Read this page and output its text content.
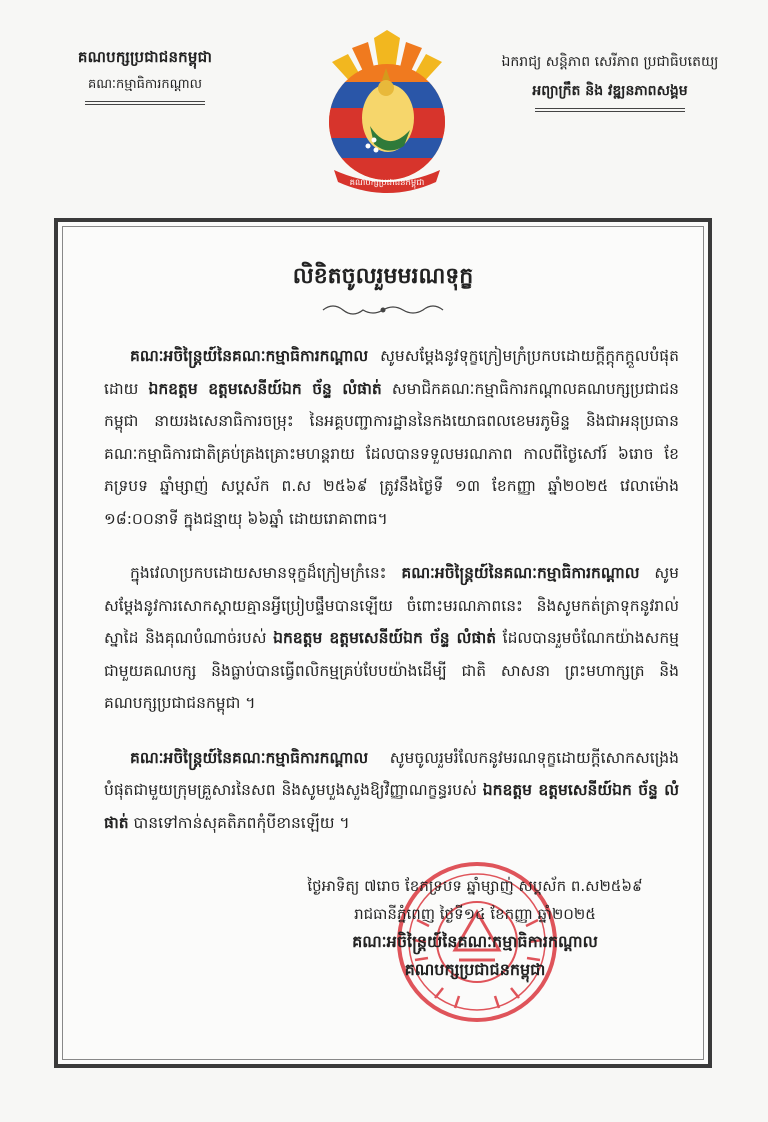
គណបក្សប្រជាជនកម្ពុជា
គណៈកម្មាធិការកណ្តាល
គណបក្សប្រជាជនកម្ពុជា
ឯករាជ្យ សន្តិភាព សេរីភាព ប្រជាធិបតេយ្យ
អព្យាក្រឹត និង វឌ្ឍនភាពសង្គម
លិខិតចូលរួមមរណទុក្ខ

គណៈអចិន្ត្រៃយ៍នៃគណៈកម្មាធិការកណ្តាល សូមសម្តែងនូវទុក្ខក្រៀមក្រំប្រកបដោយក្តីក្តុកក្តួលបំផុតដោយ ឯកឧត្តម ឧត្តមសេនីយ៍ឯក ច័ន្ទ លំផាត់ សមាជិកគណៈកម្មាធិការកណ្តាលគណបក្សប្រជាជនកម្ពុជា នាយរងសេនាធិការចម្រុះ នៃអគ្គបញ្ជាការដ្ឋាននៃកងយោធពលខេមរភូមិន្ទ និងជាអនុប្រធានគណៈកម្មាធិការជាតិគ្រប់គ្រងគ្រោះមហន្តរាយ ដែលបានទទួលមរណភាព កាលពីថ្ងៃសៅរ៍ ៦រោច ខែភទ្របទ ឆ្នាំម្សាញ់ សប្តស័ក ព.ស ២៥៦៩ ត្រូវនឹងថ្ងៃទី ១៣ ខែកញ្ញា ឆ្នាំ២០២៥ វេលាម៉ោង ១៨:០០នាទី ក្នុងជន្មាយុ ៦៦ឆ្នាំ ដោយរោគាពាធ។

ក្នុងវេលាប្រកបដោយសមានទុក្ខដ៏ក្រៀមក្រំនេះ គណៈអចិន្ត្រៃយ៍នៃគណៈកម្មាធិការកណ្តាល សូមសម្តែងនូវការសោកស្តាយគ្មានអ្វីប្រៀបផ្ទឹមបានឡើយ ចំពោះមរណភាពនេះ និងសូមកត់ត្រាទុកនូវរាល់ស្នាដៃ និងគុណបំណាច់របស់ ឯកឧត្តម ឧត្តមសេនីយ៍ឯក ច័ន្ទ លំផាត់ ដែលបានរួមចំណែកយ៉ាងសកម្មជាមួយគណបក្ស និងធ្លាប់បានធ្វើពលិកម្មគ្រប់បែបយ៉ាងដើម្បី ជាតិ សាសនា ព្រះមហាក្សត្រ និងគណបក្សប្រជាជនកម្ពុជា ។

គណៈអចិន្ត្រៃយ៍នៃគណៈកម្មាធិការកណ្តាល សូមចូលរួមរំលែកនូវមរណទុក្ខដោយក្តីសោកសង្រេងបំផុតជាមួយក្រុមគ្រួសារនៃសព និងសូមបួងសួងឱ្យវិញ្ញាណក្ខន្ធរបស់ ឯកឧត្តម ឧត្តមសេនីយ៍ឯក ច័ន្ទ លំផាត់ បានទៅកាន់សុគតិភពកុំបីខានឡើយ ។

ថ្ងៃអាទិត្យ ៧រោច ខែភទ្របទ ឆ្នាំម្សាញ់ សប្តស័ក ព.ស២៥៦៩
រាជធានីភ្នំពេញ ថ្ងៃទី១៤ ខែកញ្ញា ឆ្នាំ២០២៥
គណៈអចិន្ត្រៃយ៍នៃគណៈកម្មាធិការកណ្តាល
គណបក្សប្រជាជនកម្ពុជា
